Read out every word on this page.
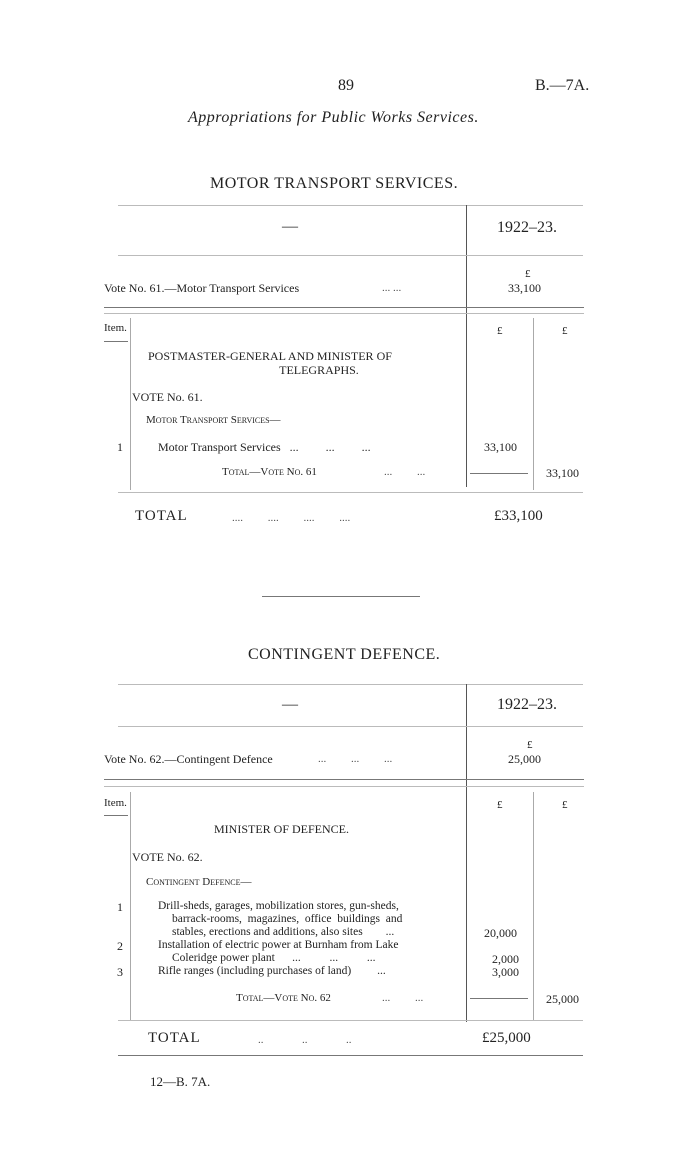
89	B.—7A.
Appropriations for Public Works Services.
MOTOR TRANSPORT SERVICES.
—	1922–23.
£
Vote No. 61.—Motor Transport Services	... ...	33,100
Item.	£	£
POSTMASTER-GENERAL AND MINISTER OF
TELEGRAPHS.
VOTE No. 61.
Motor Transport Services—
1	Motor Transport Services   ...         ...         ...	33,100
Total—Vote No. 61	...         ...	33,100
TOTAL	....         ....         ....         ....	£33,100
CONTINGENT DEFENCE.
—	1922–23.
£
Vote No. 62.—Contingent Defence	...         ...         ...	25,000
Item.	£	£
MINISTER OF DEFENCE.
VOTE No. 62.
Contingent Defence—
1	Drill-sheds, garages, mobilization stores, gun-sheds,
barrack-rooms,  magazines,  office  buildings  and
stables, erections and additions, also sites        ...	20,000
2	Installation of electric power at Burnham from Lake
Coleridge power plant      ...          ...          ...	2,000
3	Rifle ranges (including purchases of land)         ...	3,000
Total—Vote No. 62	...         ...	25,000
TOTAL	..              ..              ..	£25,000
12—B. 7A.
